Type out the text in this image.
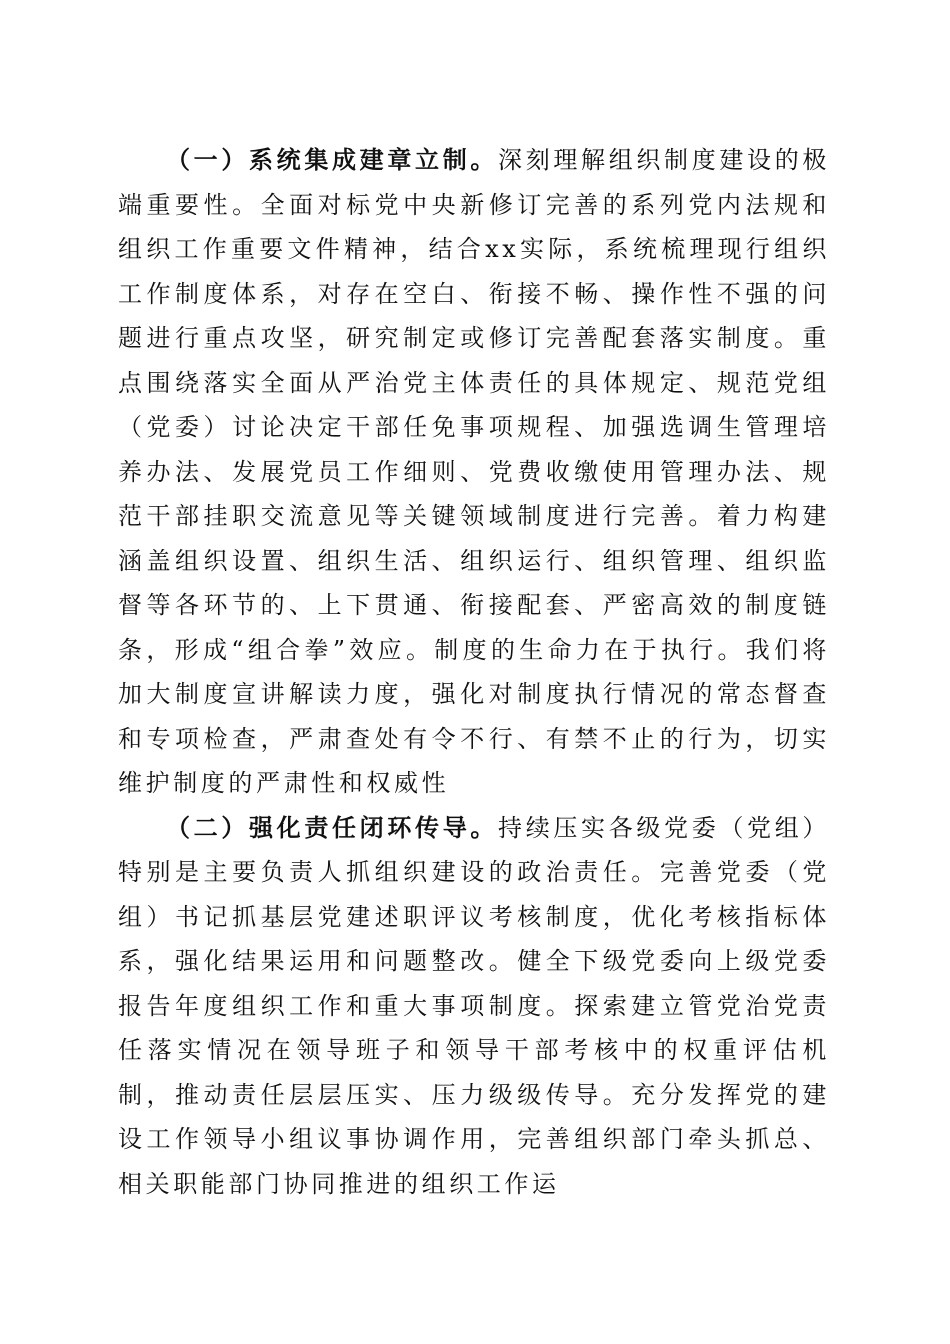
（一）系统集成建章立制。深刻理解组织制度建设的极端重要性。全面对标党中央新修订完善的系列党内法规和组织工作重要文件精神，结合xx实际，系统梳理现行组织工作制度体系，对存在空白、衔接不畅、操作性不强的问题进行重点攻坚，研究制定或修订完善配套落实制度。重点围绕落实全面从严治党主体责任的具体规定、规范党组（党委）讨论决定干部任免事项规程、加强选调生管理培养办法、发展党员工作细则、党费收缴使用管理办法、规范干部挂职交流意见等关键领域制度进行完善。着力构建涵盖组织设置、组织生活、组织运行、组织管理、组织监督等各环节的、上下贯通、衔接配套、严密高效的制度链条，形成“组合拳”效应。制度的生命力在于执行。我们将加大制度宣讲解读力度，强化对制度执行情况的常态督查和专项检查，严肃查处有令不行、有禁不止的行为，切实维护制度的严肃性和权威性

（二）强化责任闭环传导。持续压实各级党委（党组）特别是主要负责人抓组织建设的政治责任。完善党委（党组）书记抓基层党建述职评议考核制度，优化考核指标体系，强化结果运用和问题整改。健全下级党委向上级党委报告年度组织工作和重大事项制度。探索建立管党治党责任落实情况在领导班子和领导干部考核中的权重评估机制，推动责任层层压实、压力级级传导。充分发挥党的建设工作领导小组议事协调作用，完善组织部门牵头抓总、相关职能部门协同推进的组织工作运
